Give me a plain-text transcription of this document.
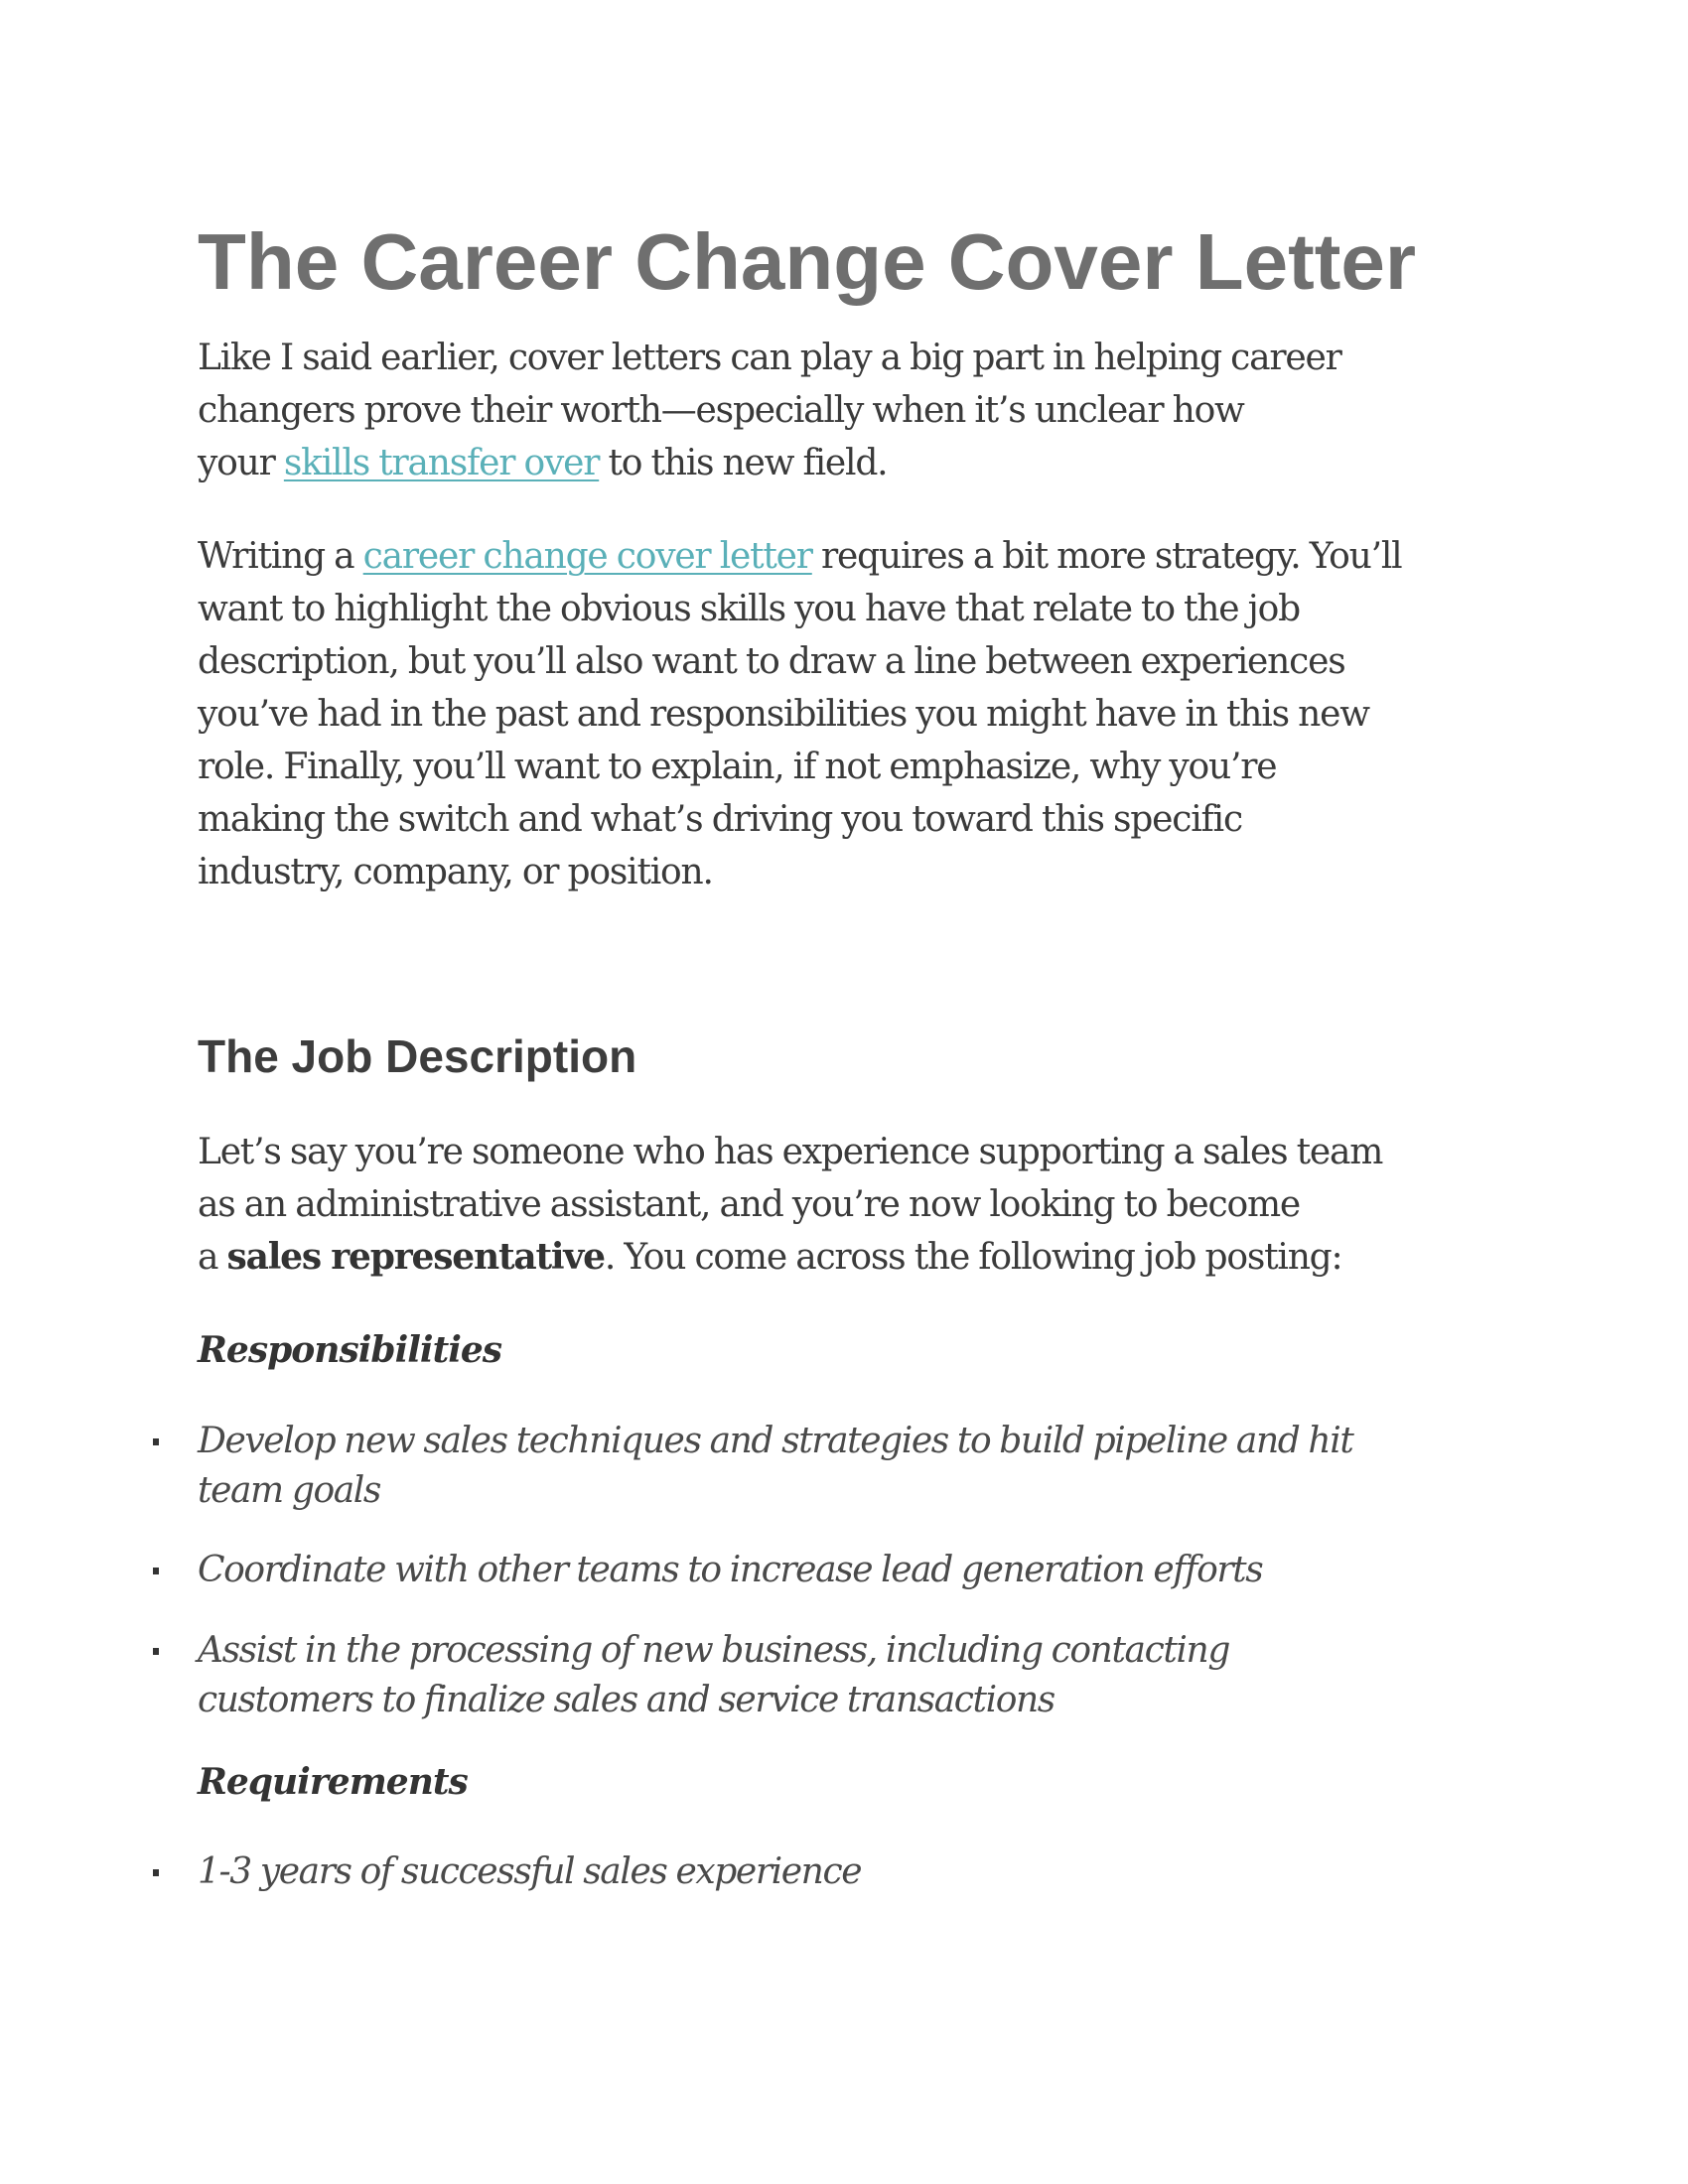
The Career Change Cover Letter

Like I said earlier, cover letters can play a big part in helping career
changers prove their worth—especially when it’s unclear how
your skills transfer over to this new field.

Writing a career change cover letter requires a bit more strategy. You’ll
want to highlight the obvious skills you have that relate to the job
description, but you’ll also want to draw a line between experiences
you’ve had in the past and responsibilities you might have in this new
role. Finally, you’ll want to explain, if not emphasize, why you’re
making the switch and what’s driving you toward this specific
industry, company, or position.

The Job Description

Let’s say you’re someone who has experience supporting a sales team
as an administrative assistant, and you’re now looking to become
a sales representative. You come across the following job posting:

Responsibilities
Develop new sales techniques and strategies to build pipeline and hit
team goals
Coordinate with other teams to increase lead generation efforts
Assist in the processing of new business, including contacting
customers to finalize sales and service transactions
Requirements
1-3 years of successful sales experience
